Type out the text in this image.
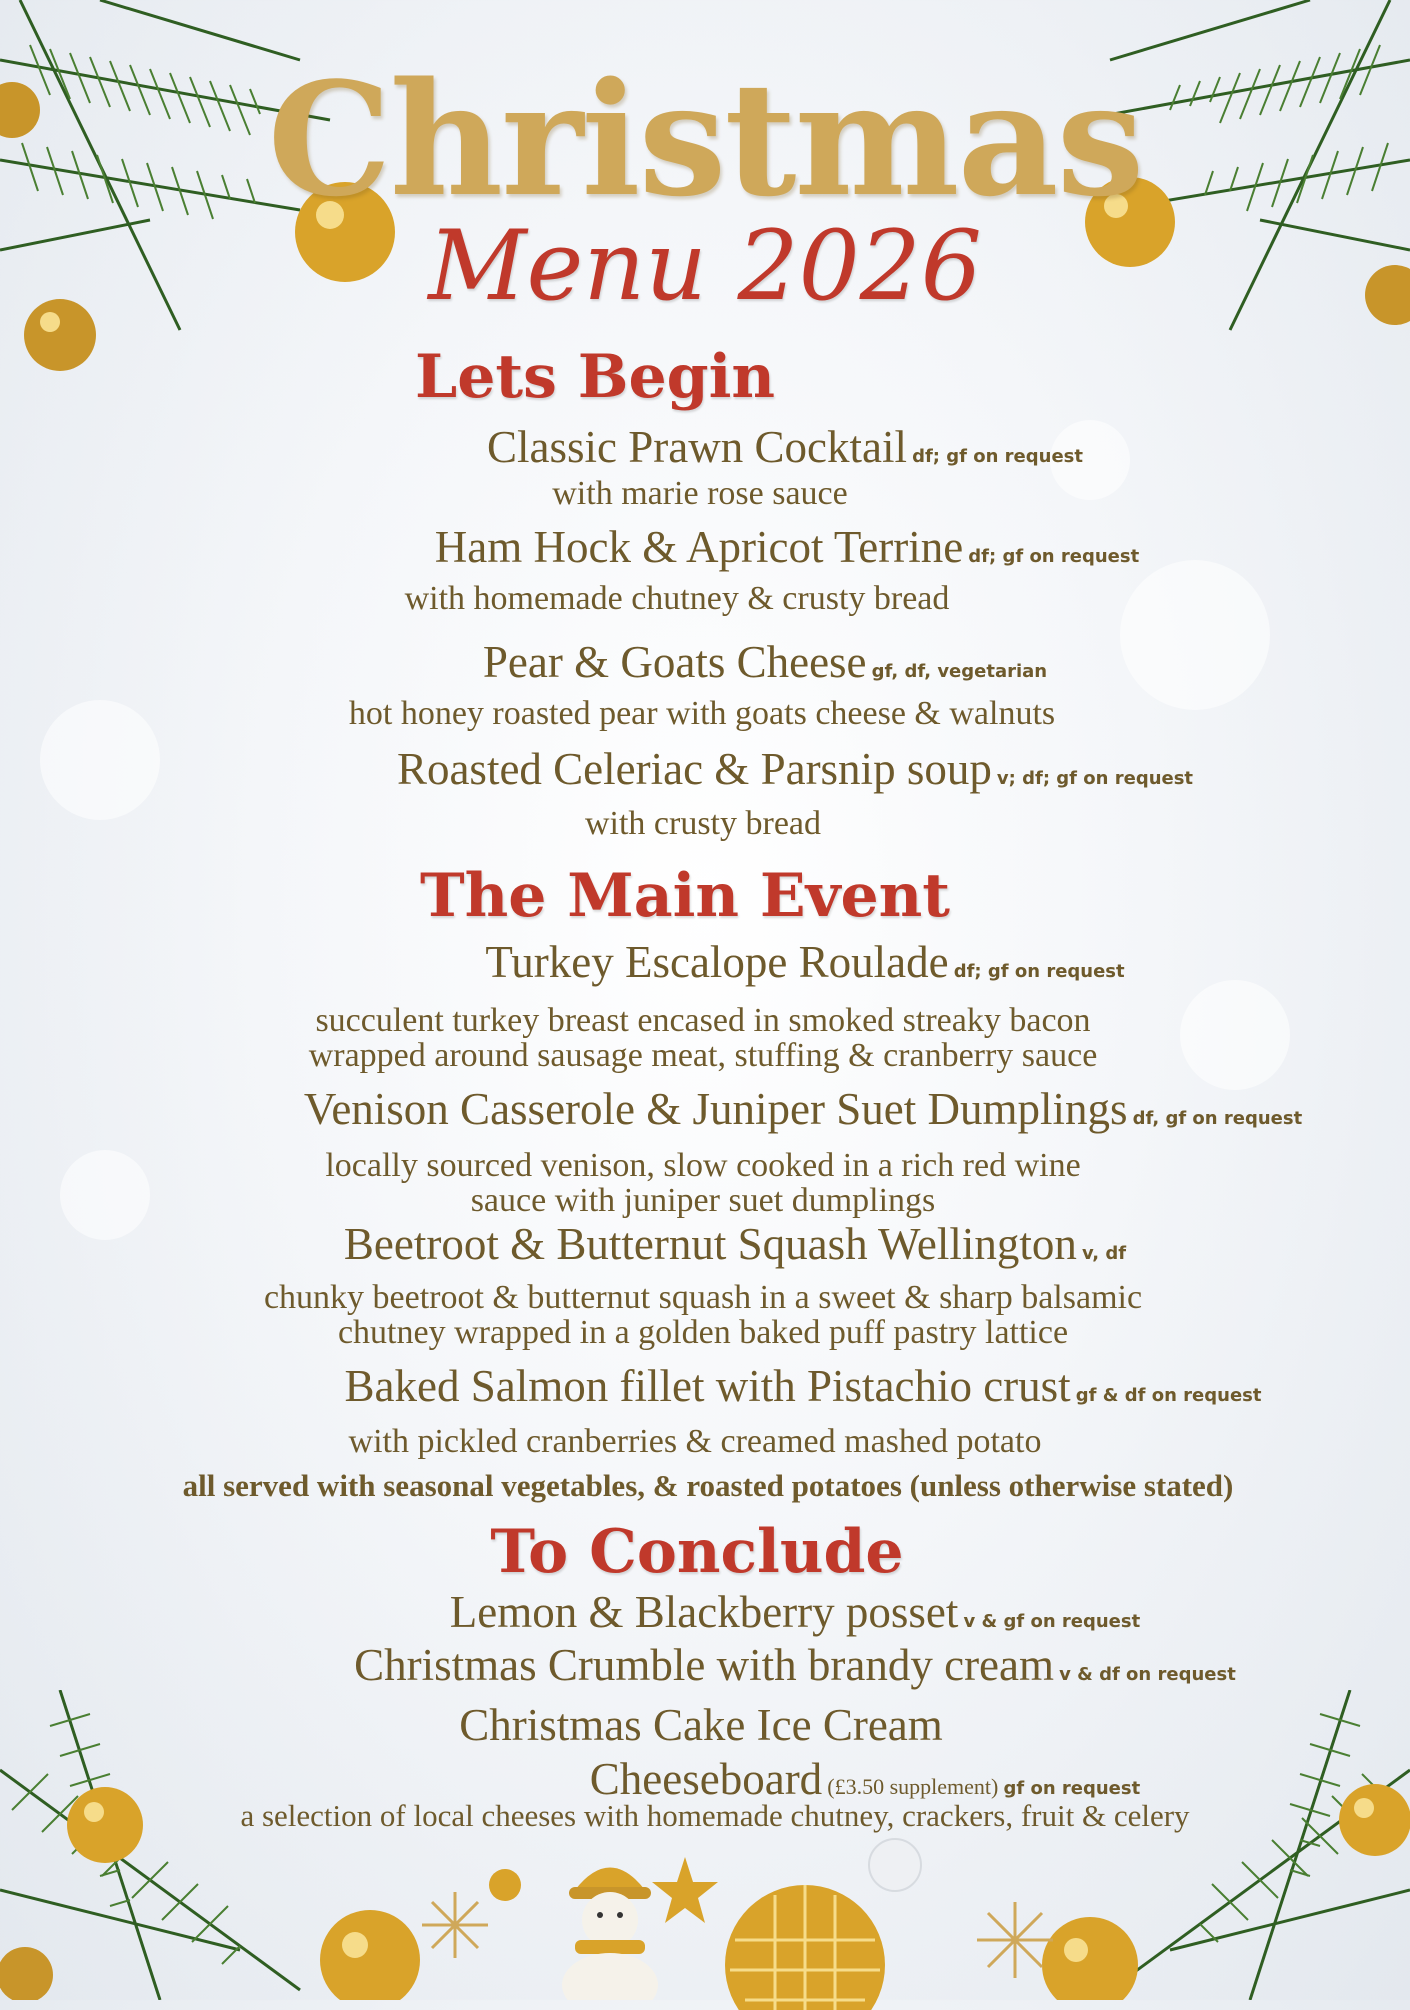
Christmas
Menu 2026
Lets Begin
Classic Prawn Cocktail df; gf on request
with marie rose sauce
Ham Hock & Apricot Terrine df; gf on request
with homemade chutney & crusty bread
Pear & Goats Cheese gf, df, vegetarian
hot honey roasted pear with goats cheese & walnuts
Roasted Celeriac & Parsnip soup v; df; gf on request
with crusty bread
The Main Event
Turkey Escalope Roulade df; gf on request
succulent turkey breast encased in smoked streaky bacon
wrapped around sausage meat, stuffing & cranberry sauce
Venison Casserole & Juniper Suet Dumplings df, gf on request
locally sourced venison, slow cooked in a rich red wine
sauce with juniper suet dumplings
Beetroot & Butternut Squash Wellington v, df
chunky beetroot & butternut squash in a sweet & sharp balsamic
chutney wrapped in a golden baked puff pastry lattice
Baked Salmon fillet with Pistachio crust gf & df on request
with pickled cranberries & creamed mashed potato
all served with seasonal vegetables, & roasted potatoes (unless otherwise stated)
To Conclude
Lemon & Blackberry posset v & gf on request
Christmas Crumble with brandy cream v & df on request
Christmas Cake Ice Cream
Cheeseboard (£3.50 supplement) gf on request
a selection of local cheeses with homemade chutney, crackers, fruit & celery
